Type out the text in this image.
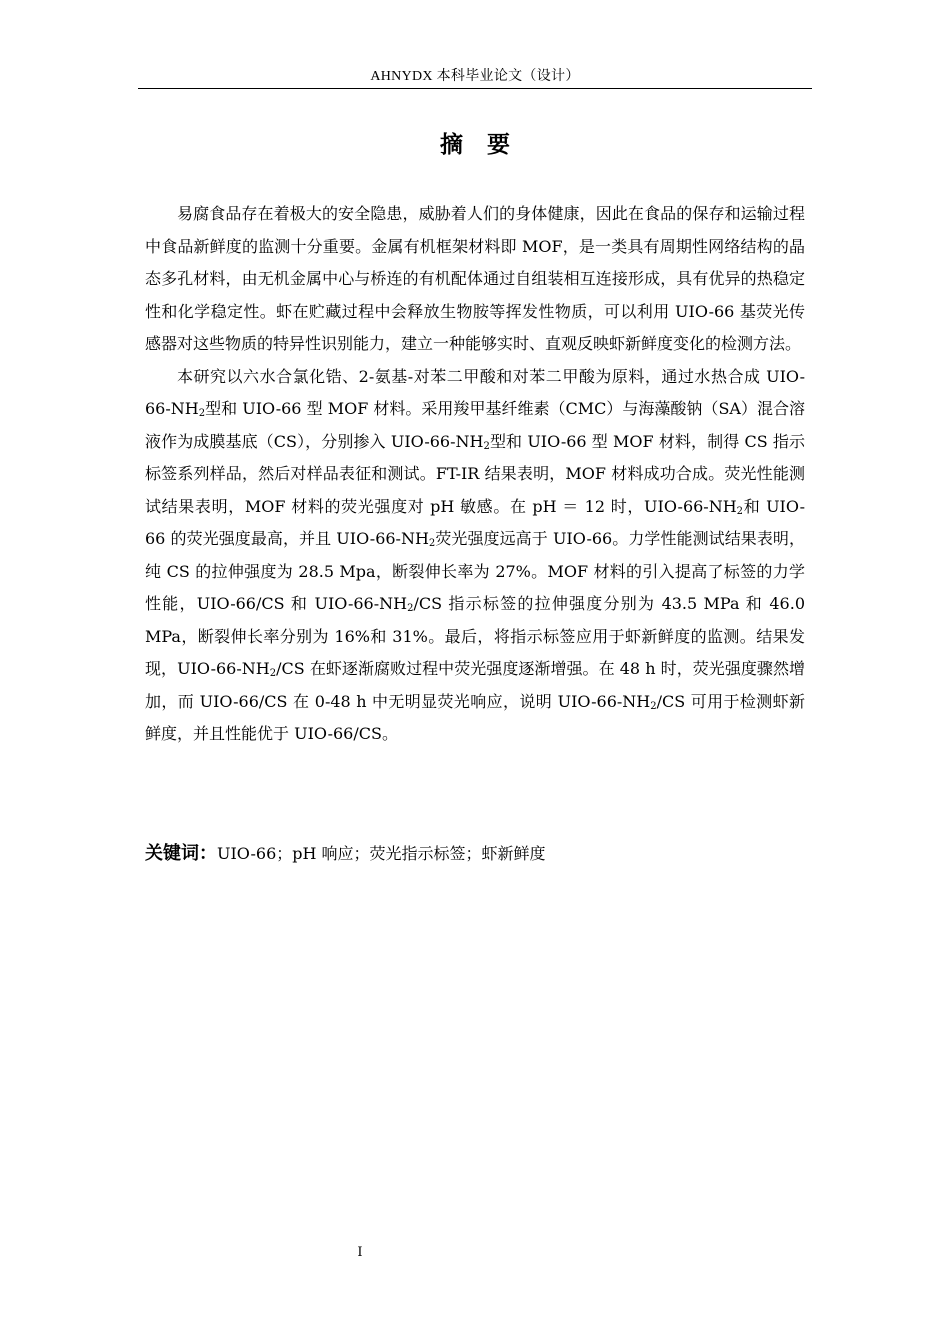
AHNYDX 本科毕业论文（设计）
摘 要

易腐食品存在着极大的安全隐患，威胁着人们的身体健康，因此在食品的保存和运输过程中食品新鲜度的监测十分重要。金属有机框架材料即 MOF，是一类具有周期性网络结构的晶态多孔材料，由无机金属中心与桥连的有机配体通过自组装相互连接形成，具有优异的热稳定性和化学稳定性。虾在贮藏过程中会释放生物胺等挥发性物质，可以利用 UIO-66 基荧光传感器对这些物质的特异性识别能力，建立一种能够实时、直观反映虾新鲜度变化的检测方法。

本研究以六水合氯化锆、2-氨基-对苯二甲酸和对苯二甲酸为原料，通过水热合成 UIO-$66-NH_2$型和 UIO-66 型 MOF 材料。采用羧甲基纤维素（CMC）与海藻酸钠（SA）混合溶液作为成膜基底（CS），分别掺入 UIO-$66-NH_2$型和 UIO-66 型 MOF 材料，制得 CS 指示标签系列样品，然后对样品表征和测试。FT-IR 结果表明，MOF 材料成功合成。荧光性能测试结果表明，MOF 材料的荧光强度对 pH 敏感。在 pH ＝ 12 时，UIO-$66-NH_2$和 UIO-66 的荧光强度最高，并且 UIO-$66-NH_2$荧光强度远高于 UIO-66。力学性能测试结果表明，纯 CS 的拉伸强度为 28.5 Mpa，断裂伸长率为 27%。MOF 材料的引入提高了标签的力学性能，UIO-66/CS 和 UIO-$66-NH_2/CS$ 指示标签的拉伸强度分别为 43.5 MPa 和 46.0 MPa，断裂伸长率分别为 16%和 31%。最后，将指示标签应用于虾新鲜度的监测。结果发现，UIO-$66-NH_2/CS$ 在虾逐渐腐败过程中荧光强度逐渐增强。在 48 h 时，荧光强度骤然增加，而 UIO-66/CS 在 0-48 h 中无明显荧光响应，说明 UIO-$66-NH_2/CS$ 可用于检测虾新鲜度，并且性能优于 UIO-66/CS。

关键词：UIO-66；pH 响应；荧光指示标签；虾新鲜度
I
